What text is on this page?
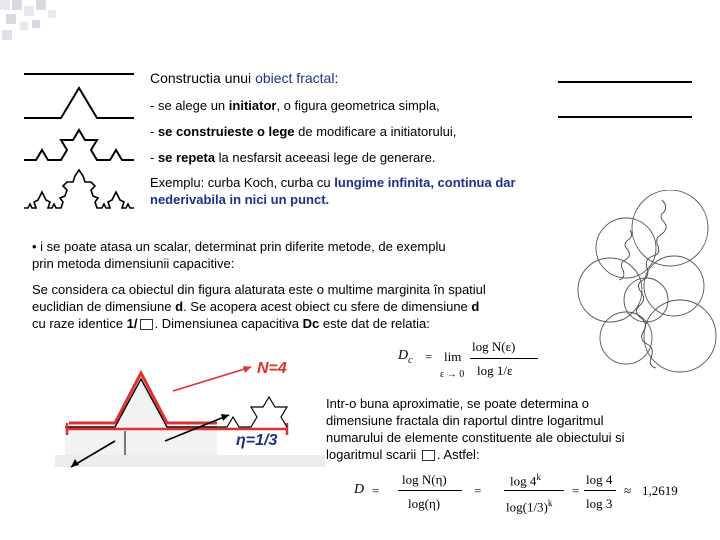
Constructia unui obiect fractal:
- se alege un initiator, o figura geometrica simpla,
- se construieste o lege de modificare a initiatorului,
- se repeta la nesfarsit aceeasi lege de generare.
Exemplu: curba Koch, curba cu lungime infinita, continua dar
nederivabila in nici un punct.
• i se poate atasa un scalar, determinat prin diferite metode, de exemplu
prin metoda dimensiunii capacitive:
Se considera ca obiectul din figura alaturata este o multime marginita în spatiul
euclidian de dimensiune d. Se acopera acest obiect cu sfere de dimensiune d
cu raze identice 1/ . Dimensiunea capacitiva Dc este dat de relatia:
$D_c = \lim$
ε → 0
log N(ε)
log 1/ε
N=4
η=1/3
Intr-o buna aproximatie, se poate determina o
dimensiune fractala din raportul dintre logaritmul
numarului de elemente constituente ale obiectului si
logaritmul scarii . Astfel:
D =
log N(η)
log(η)
=
log 4$^k$
$\log(1/3)^k$
=
log 4
log 3
≈ 1,2619
